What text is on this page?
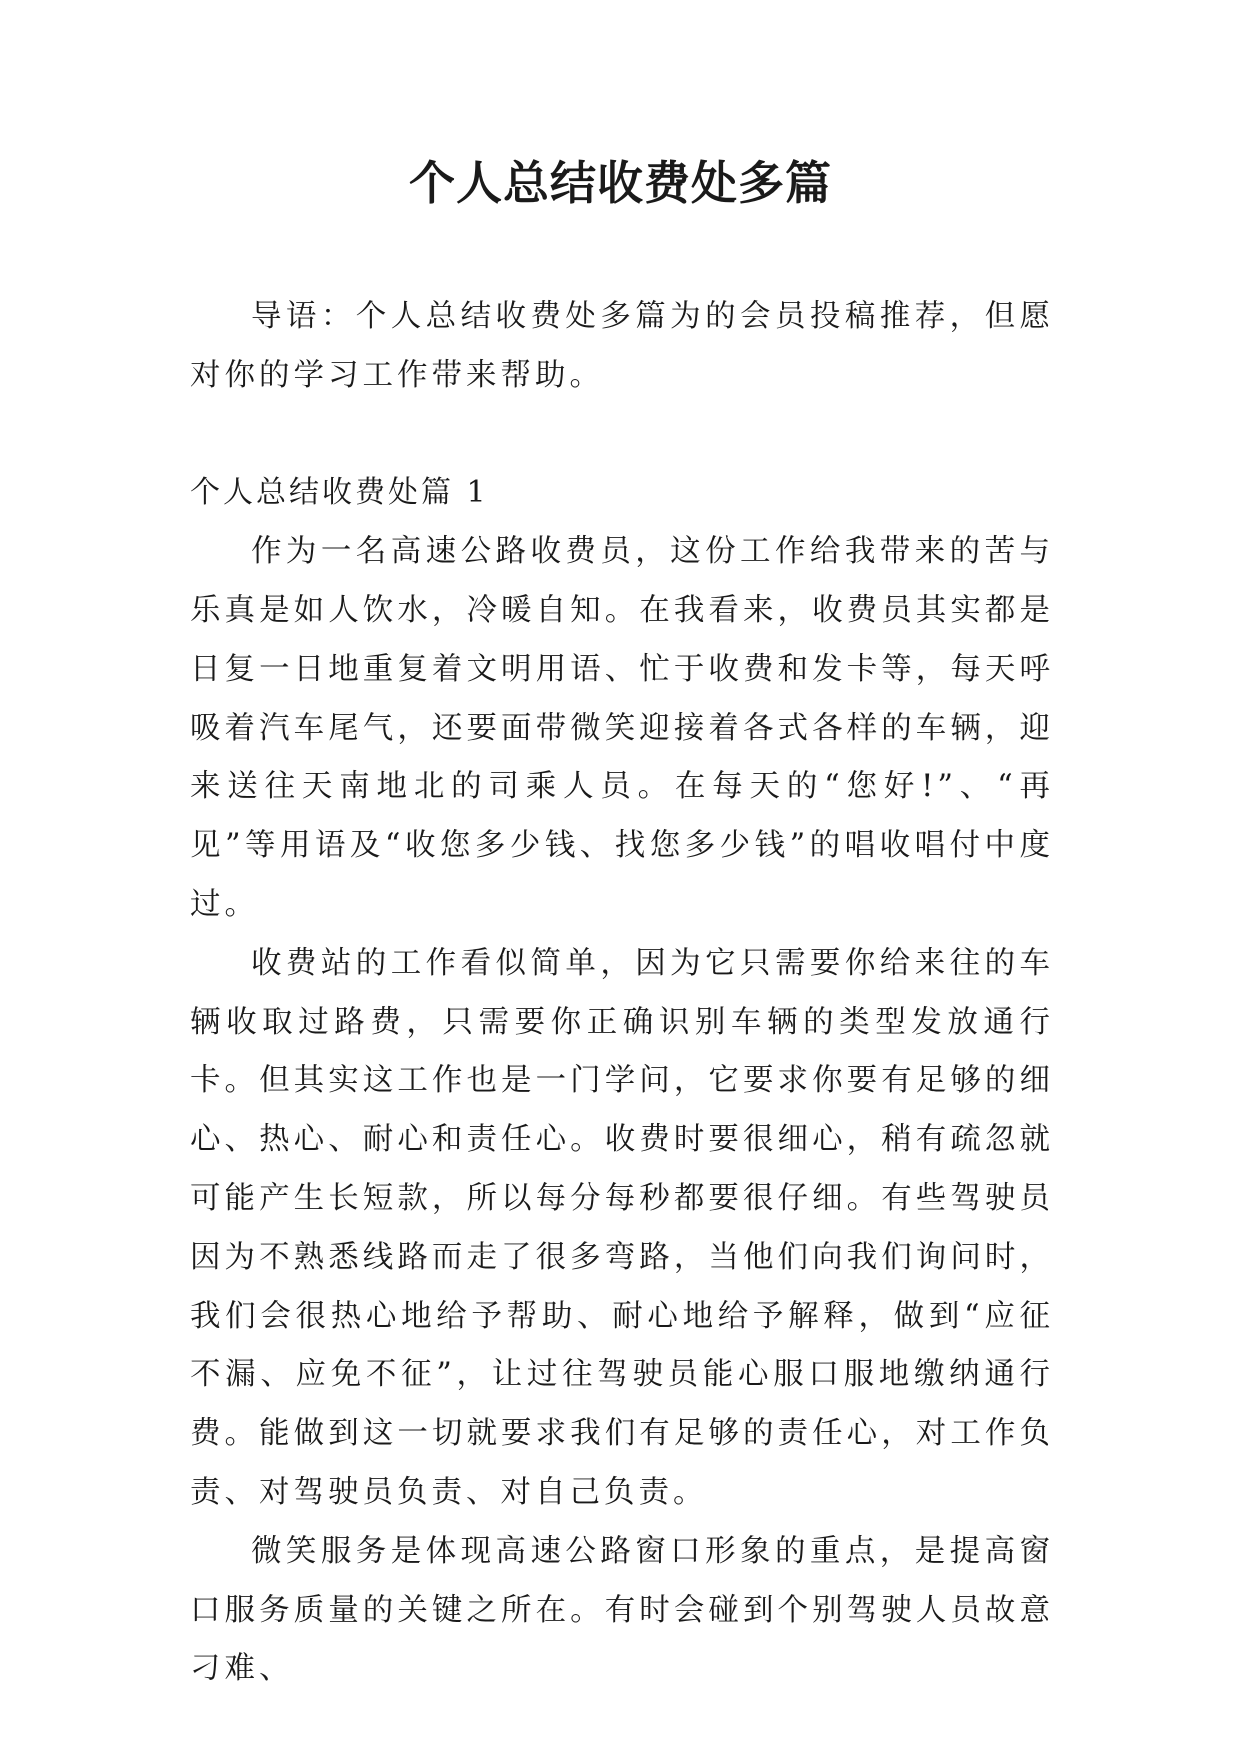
个人总结收费处多篇

导语：个人总结收费处多篇为的会员投稿推荐，但愿对你的学习工作带来帮助。

个人总结收费处篇 1

作为一名高速公路收费员，这份工作给我带来的苦与乐真是如人饮水，冷暖自知。在我看来，收费员其实都是日复一日地重复着文明用语、忙于收费和发卡等，每天呼吸着汽车尾气，还要面带微笑迎接着各式各样的车辆，迎来送往天南地北的司乘人员。在每天的“您好!”、“再见”等用语及“收您多少钱、找您多少钱”的唱收唱付中度过。

收费站的工作看似简单，因为它只需要你给来往的车辆收取过路费，只需要你正确识别车辆的类型发放通行卡。但其实这工作也是一门学问，它要求你要有足够的细心、热心、耐心和责任心。收费时要很细心，稍有疏忽就可能产生长短款，所以每分每秒都要很仔细。有些驾驶员因为不熟悉线路而走了很多弯路，当他们向我们询问时，我们会很热心地给予帮助、耐心地给予解释，做到“应征不漏、应免不征”，让过往驾驶员能心服口服地缴纳通行费。能做到这一切就要求我们有足够的责任心，对工作负责、对驾驶员负责、对自己负责。

微笑服务是体现高速公路窗口形象的重点，是提高窗口服务质量的关键之所在。有时会碰到个别驾驶人员故意刁难、
